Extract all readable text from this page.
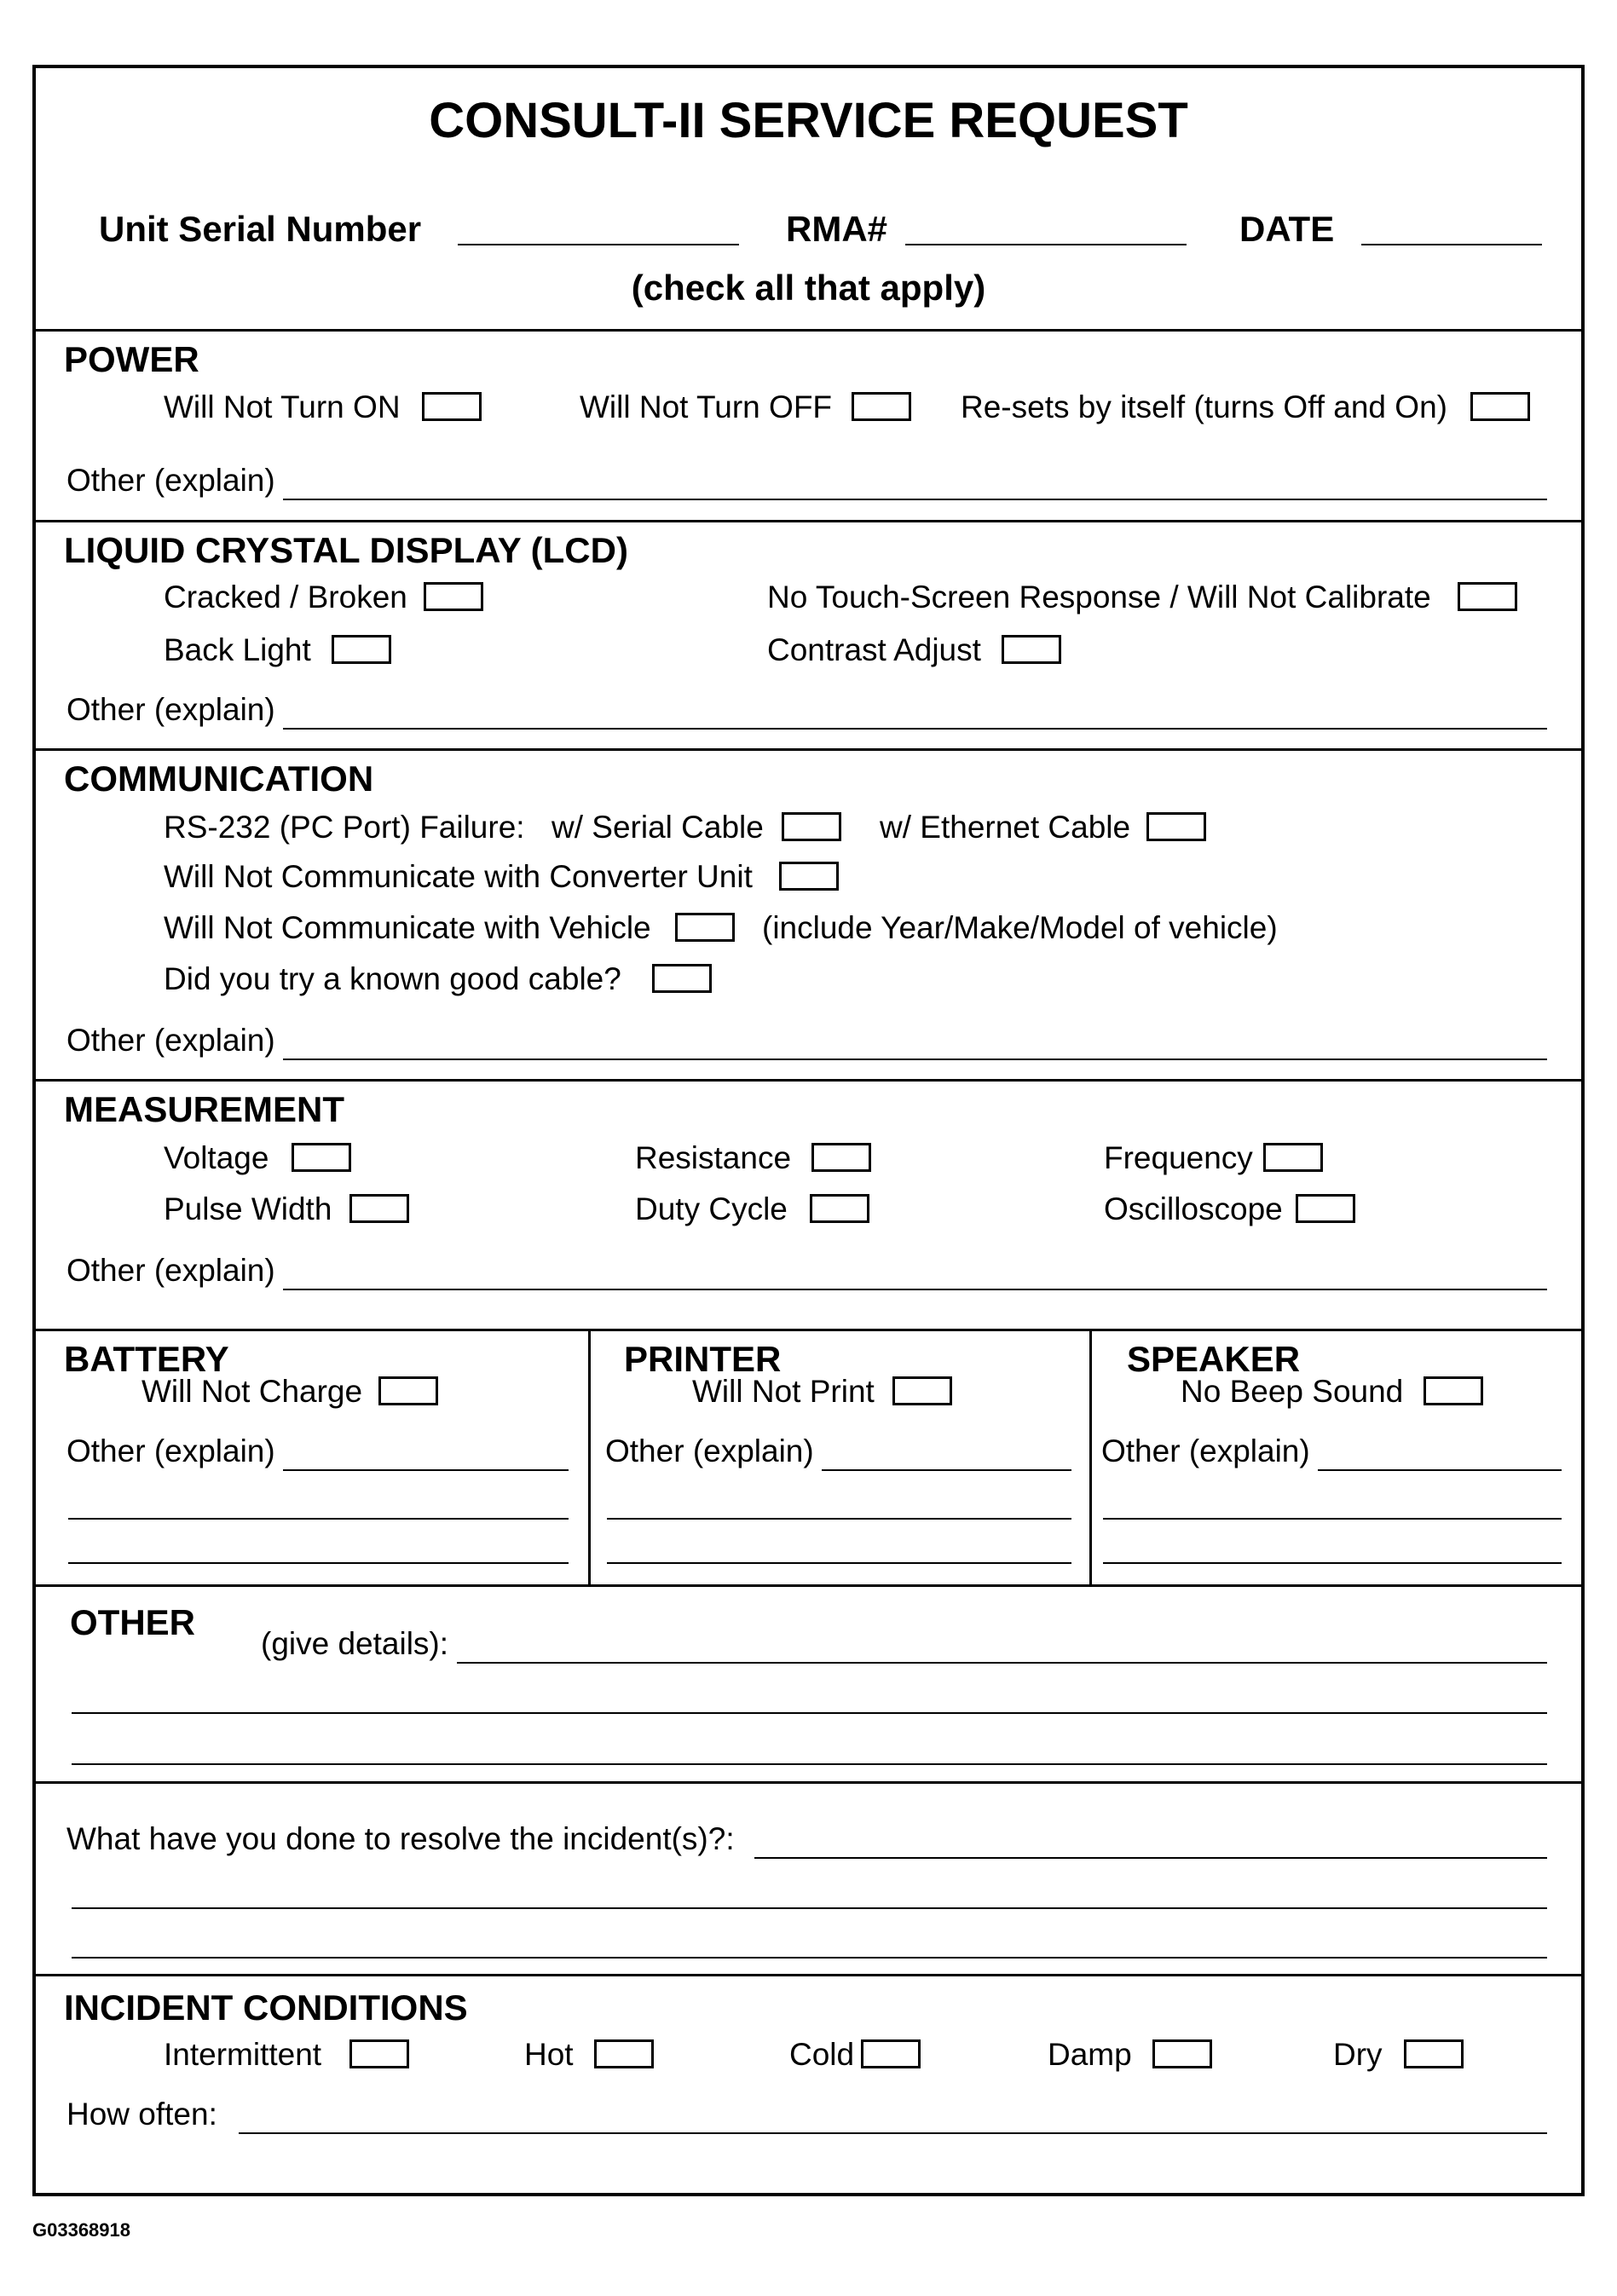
CONSULT-II SERVICE REQUEST
Unit Serial Number	RMA#	DATE
(check all that apply)
POWER
Will Not Turn ON	Will Not Turn OFF	Re-sets by itself (turns Off and On)
Other (explain)
LIQUID CRYSTAL DISPLAY (LCD)
Cracked / Broken	No Touch-Screen Response / Will Not Calibrate
Back Light	Contrast Adjust
Other (explain)
COMMUNICATION
RS-232 (PC Port) Failure: w/ Serial Cable	w/ Ethernet Cable
Will Not Communicate with Converter Unit
Will Not Communicate with Vehicle	(include Year/Make/Model of vehicle)
Did you try a known good cable?
Other (explain)
MEASUREMENT
Voltage	Resistance	Frequency
Pulse Width	Duty Cycle	Oscilloscope
Other (explain)
BATTERY
Will Not Charge
Other (explain)
PRINTER
Will Not Print
Other (explain)
SPEAKER
No Beep Sound
Other (explain)
OTHER
(give details):
What have you done to resolve the incident(s)?:
INCIDENT CONDITIONS
Intermittent	Hot	Cold	Damp	Dry
How often:
G03368918
